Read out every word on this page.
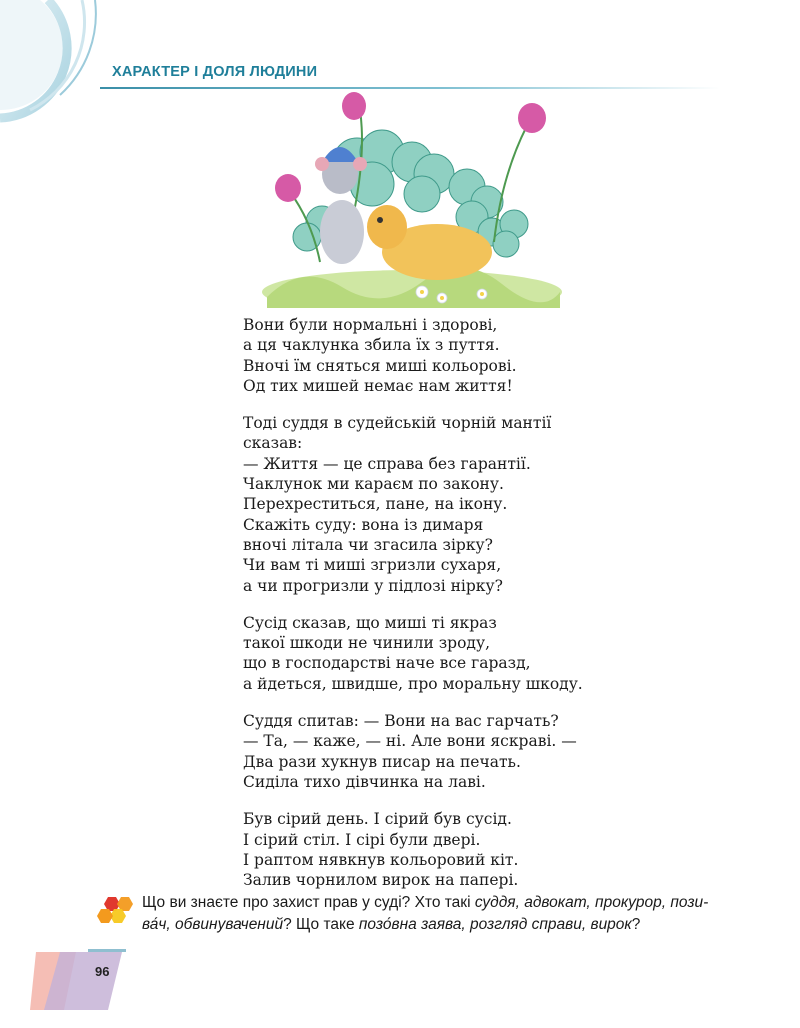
ХАРАКТЕР І ДОЛЯ ЛЮДИНИ
Вони були нормальні і здорові,
а ця чаклунка збила їх з пуття.
Вночі їм сняться миші кольорові.
Од тих мишей немає нам життя!
Тоді суддя в судейській чорній мантії
сказав:
— Життя — це справа без гарантії.
Чаклунок ми караєм по закону.
Перехреститься, пане, на ікону.
Скажіть суду: вона із димаря
вночі літала чи згасила зірку?
Чи вам ті миші згризли сухаря,
а чи прогризли у підлозі нірку?
Сусід сказав, що миші ті якраз
такої шкоди не чинили зроду,
що в господарстві наче все гаразд,
а йдеться, швидше, про моральну шкоду.
Суддя спитав: — Вони на вас гарчать?
— Та, — каже, — ні. Але вони яскраві. —
Два рази хукнув писар на печать.
Сиділа тихо дівчинка на лаві.
Був сірий день. І сірий був сусід.
І сірий стіл. І сірі були двері.
І раптом нявкнув кольоровий кіт.
Залив чорнилом вирок на папері.
Що ви знаєте про захист прав у суді? Хто такі суддя, адвокат, прокурор, пози-
ва́ч, обвинувачений? Що таке позо́вна заява, розгляд справи, вирок?
96
